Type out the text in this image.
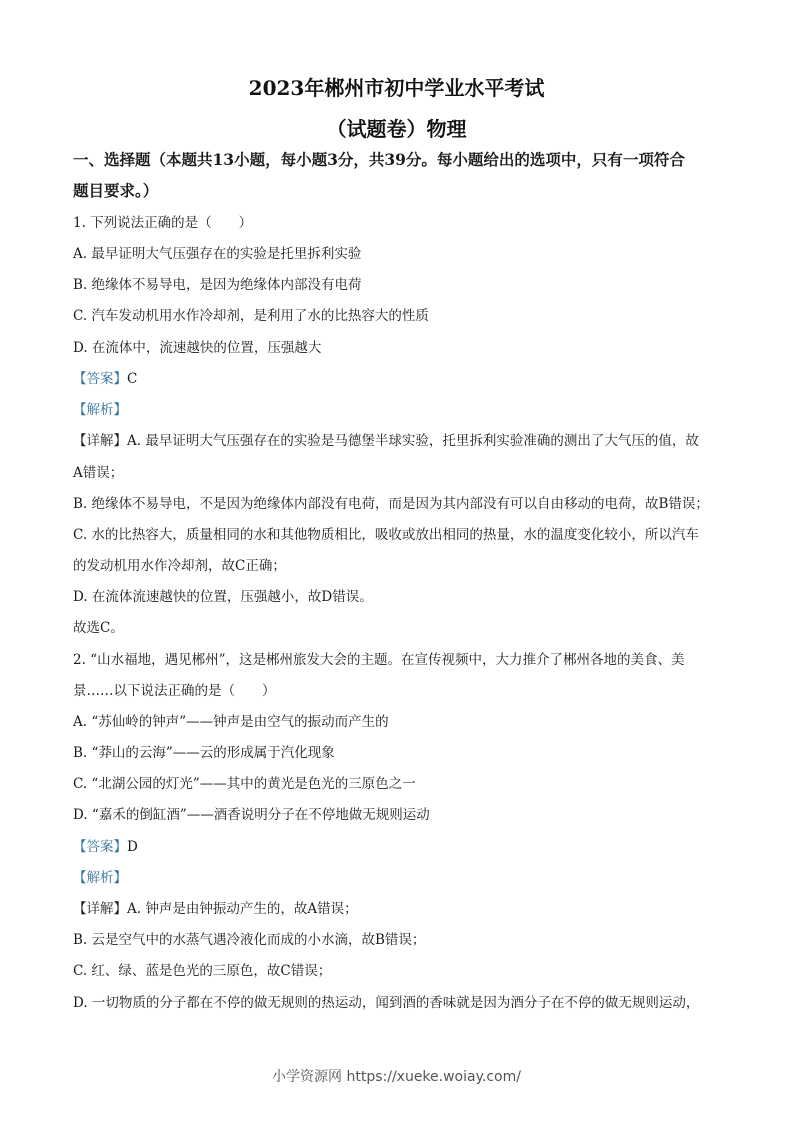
2023年郴州市初中学业水平考试
（试题卷）物理
一、选择题（本题共13小题，每小题3分，共39分。每小题给出的选项中，只有一项符合
题目要求。）
1. 下列说法正确的是（　　）
A. 最早证明大气压强存在的实验是托里拆利实验
B. 绝缘体不易导电，是因为绝缘体内部没有电荷
C. 汽车发动机用水作冷却剂，是利用了水的比热容大的性质
D. 在流体中，流速越快的位置，压强越大
【答案】C
【解析】
【详解】A. 最早证明大气压强存在的实验是马德堡半球实验，托里拆利实验准确的测出了大气压的值，故
A错误；
B. 绝缘体不易导电，不是因为绝缘体内部没有电荷，而是因为其内部没有可以自由移动的电荷，故B错误；
C. 水的比热容大，质量相同的水和其他物质相比，吸收或放出相同的热量，水的温度变化较小，所以汽车
的发动机用水作冷却剂，故C正确；
D. 在流体流速越快的位置，压强越小，故D错误。
故选C。
2. “山水福地，遇见郴州”，这是郴州旅发大会的主题。在宣传视频中，大力推介了郴州各地的美食、美
景……以下说法正确的是（　　）
A. “苏仙岭的钟声”——钟声是由空气的振动而产生的
B. “莽山的云海”——云的形成属于汽化现象
C. “北湖公园的灯光”——其中的黄光是色光的三原色之一
D. “嘉禾的倒缸酒”——酒香说明分子在不停地做无规则运动
【答案】D
【解析】
【详解】A. 钟声是由钟振动产生的，故A错误；
B. 云是空气中的水蒸气遇冷液化而成的小水滴，故B错误；
C. 红、绿、蓝是色光的三原色，故C错误；
D. 一切物质的分子都在不停的做无规则的热运动，闻到酒的香味就是因为酒分子在不停的做无规则运动，
小学资源网 https://xueke.woiay.com/
